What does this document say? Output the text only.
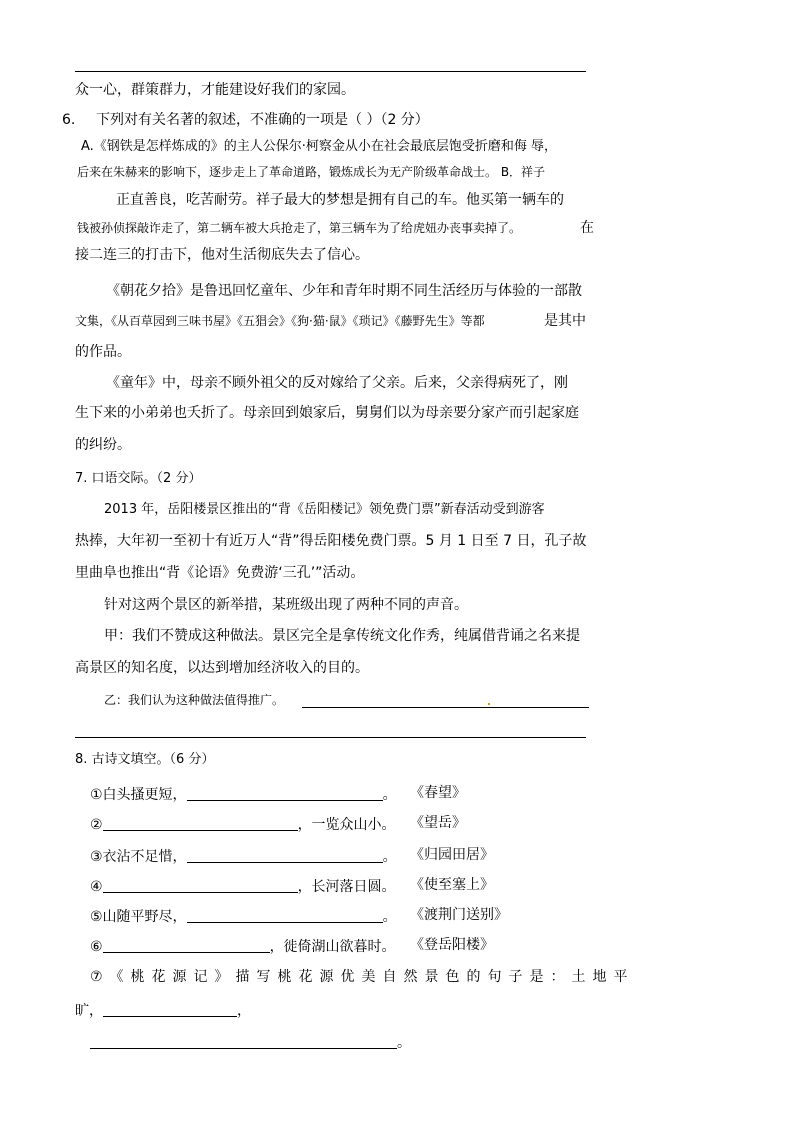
众一心，群策群力，才能建设好我们的家园。
6. 下列对有关名著的叙述，不准确的一项是（ ）（2 分）
A.《钢铁是怎样炼成的》的主人公保尔·柯察金从小在社会最底层饱受折磨和侮 辱，
后来在朱赫来的影响下，逐步走上了革命道路，锻炼成长为无产阶级革命战士。 B．祥子
正直善良，吃苦耐劳。祥子最大的梦想是拥有自己的车。他买第一辆车的
钱被孙侦探敲诈走了，第二辆车被大兵抢走了，第三辆车为了给虎妞办丧事卖掉了。	在
接二连三的打击下，他对生活彻底失去了信心。
《朝花夕拾》是鲁迅回忆童年、少年和青年时期不同生活经历与体验的一部散
文集，《从百草园到三味书屋》《五猖会》《狗·猫·鼠》《琐记》《藤野先生》等都	是其中
的作品。
《童年》中，母亲不顾外祖父的反对嫁给了父亲。后来，父亲得病死了，刚
生下来的小弟弟也夭折了。母亲回到娘家后，舅舅们以为母亲要分家产而引起家庭
的纠纷。
7. 口语交际。（2 分）
2013 年，岳阳楼景区推出的“背《岳阳楼记》领免费门票”新春活动受到游客
热捧，大年初一至初十有近万人“背”得岳阳楼免费门票。5 月 1 日至 7 日，孔子故
里曲阜也推出“背《论语》免费游‘三孔’”活动。
针对这两个景区的新举措，某班级出现了两种不同的声音。
甲：我们不赞成这种做法。景区完全是拿传统文化作秀，纯属借背诵之名来提
高景区的知名度，以达到增加经济收入的目的。
乙：我们认为这种做法值得推广。
8. 古诗文填空。（6 分）
①白头搔更短，	。 《春望》
②	，一览众山小。 《望岳》
③衣沾不足惜，	。 《归园田居》
④	，长河落日圆。 《使至塞上》
⑤山随平野尽，	。 《渡荆门送别》
⑥	，徙倚湖山欲暮时。 《登岳阳楼》
⑦《桃花源记》描写桃花源优美自然景色的句子是：土地平
旷，	，
。
